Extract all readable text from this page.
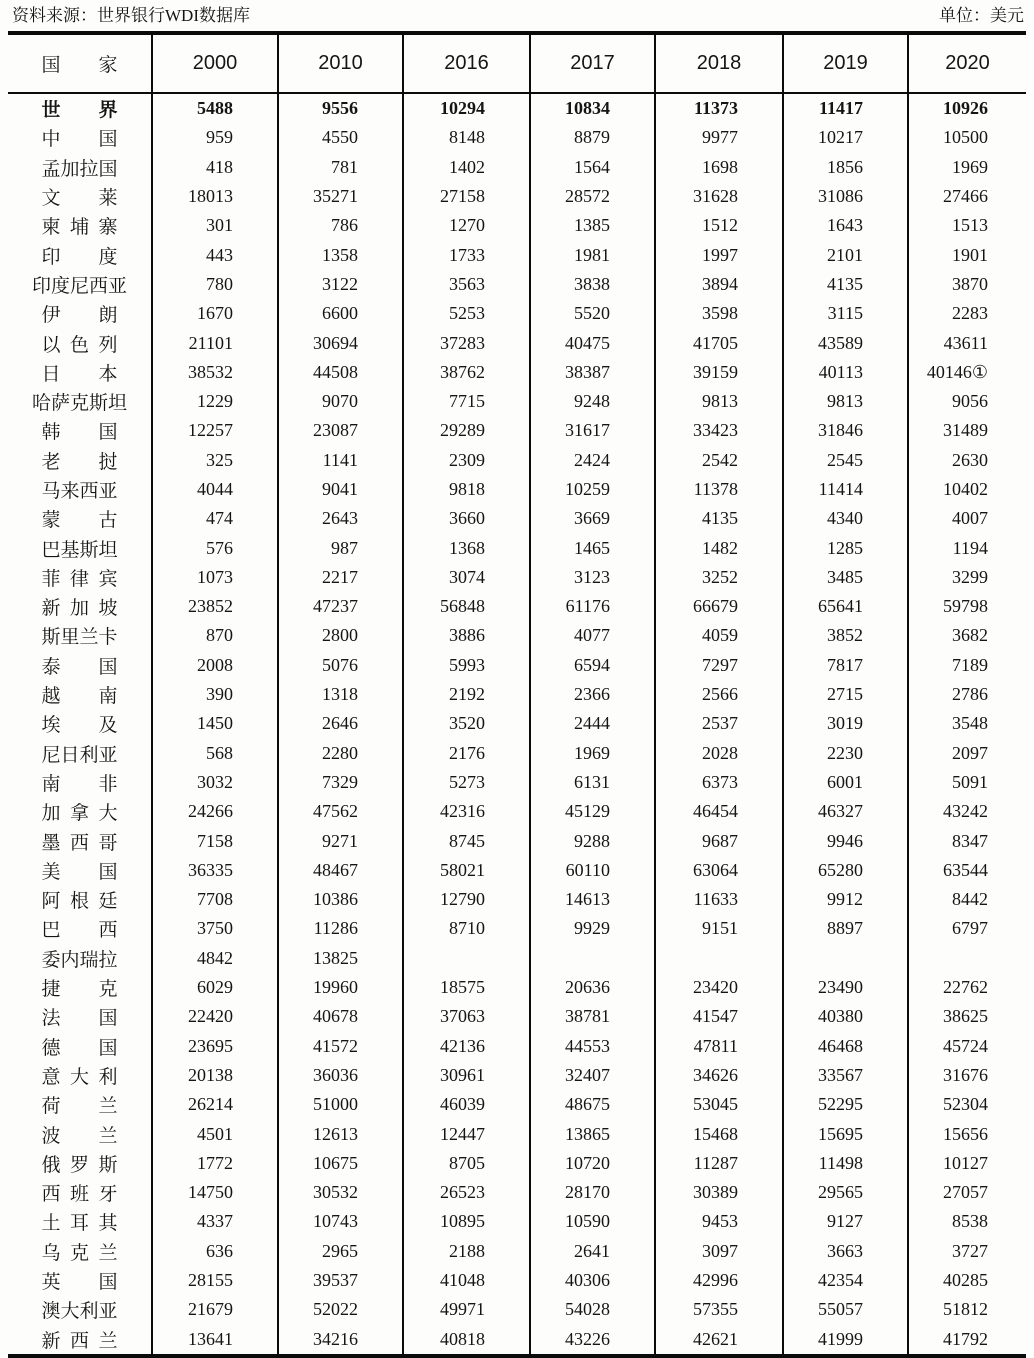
资料来源：世界银行WDI数据库	单位：美元
国家	2000	2010	2016	2017	2018	2019	2020
世界	5488	9556	10294	10834	11373	11417	10926
中国	959	4550	8148	8879	9977	10217	10500
孟加拉国	418	781	1402	1564	1698	1856	1969
文莱	18013	35271	27158	28572	31628	31086	27466
柬埔寨	301	786	1270	1385	1512	1643	1513
印度	443	1358	1733	1981	1997	2101	1901
印度尼西亚	780	3122	3563	3838	3894	4135	3870
伊朗	1670	6600	5253	5520	3598	3115	2283
以色列	21101	30694	37283	40475	41705	43589	43611
日本	38532	44508	38762	38387	39159	40113	40146①
哈萨克斯坦	1229	9070	7715	9248	9813	9813	9056
韩国	12257	23087	29289	31617	33423	31846	31489
老挝	325	1141	2309	2424	2542	2545	2630
马来西亚	4044	9041	9818	10259	11378	11414	10402
蒙古	474	2643	3660	3669	4135	4340	4007
巴基斯坦	576	987	1368	1465	1482	1285	1194
菲律宾	1073	2217	3074	3123	3252	3485	3299
新加坡	23852	47237	56848	61176	66679	65641	59798
斯里兰卡	870	2800	3886	4077	4059	3852	3682
泰国	2008	5076	5993	6594	7297	7817	7189
越南	390	1318	2192	2366	2566	2715	2786
埃及	1450	2646	3520	2444	2537	3019	3548
尼日利亚	568	2280	2176	1969	2028	2230	2097
南非	3032	7329	5273	6131	6373	6001	5091
加拿大	24266	47562	42316	45129	46454	46327	43242
墨西哥	7158	9271	8745	9288	9687	9946	8347
美国	36335	48467	58021	60110	63064	65280	63544
阿根廷	7708	10386	12790	14613	11633	9912	8442
巴西	3750	11286	8710	9929	9151	8897	6797
委内瑞拉	4842	13825					
捷克	6029	19960	18575	20636	23420	23490	22762
法国	22420	40678	37063	38781	41547	40380	38625
德国	23695	41572	42136	44553	47811	46468	45724
意大利	20138	36036	30961	32407	34626	33567	31676
荷兰	26214	51000	46039	48675	53045	52295	52304
波兰	4501	12613	12447	13865	15468	15695	15656
俄罗斯	1772	10675	8705	10720	11287	11498	10127
西班牙	14750	30532	26523	28170	30389	29565	27057
土耳其	4337	10743	10895	10590	9453	9127	8538
乌克兰	636	2965	2188	2641	3097	3663	3727
英国	28155	39537	41048	40306	42996	42354	40285
澳大利亚	21679	52022	49971	54028	57355	55057	51812
新西兰	13641	34216	40818	43226	42621	41999	41792
